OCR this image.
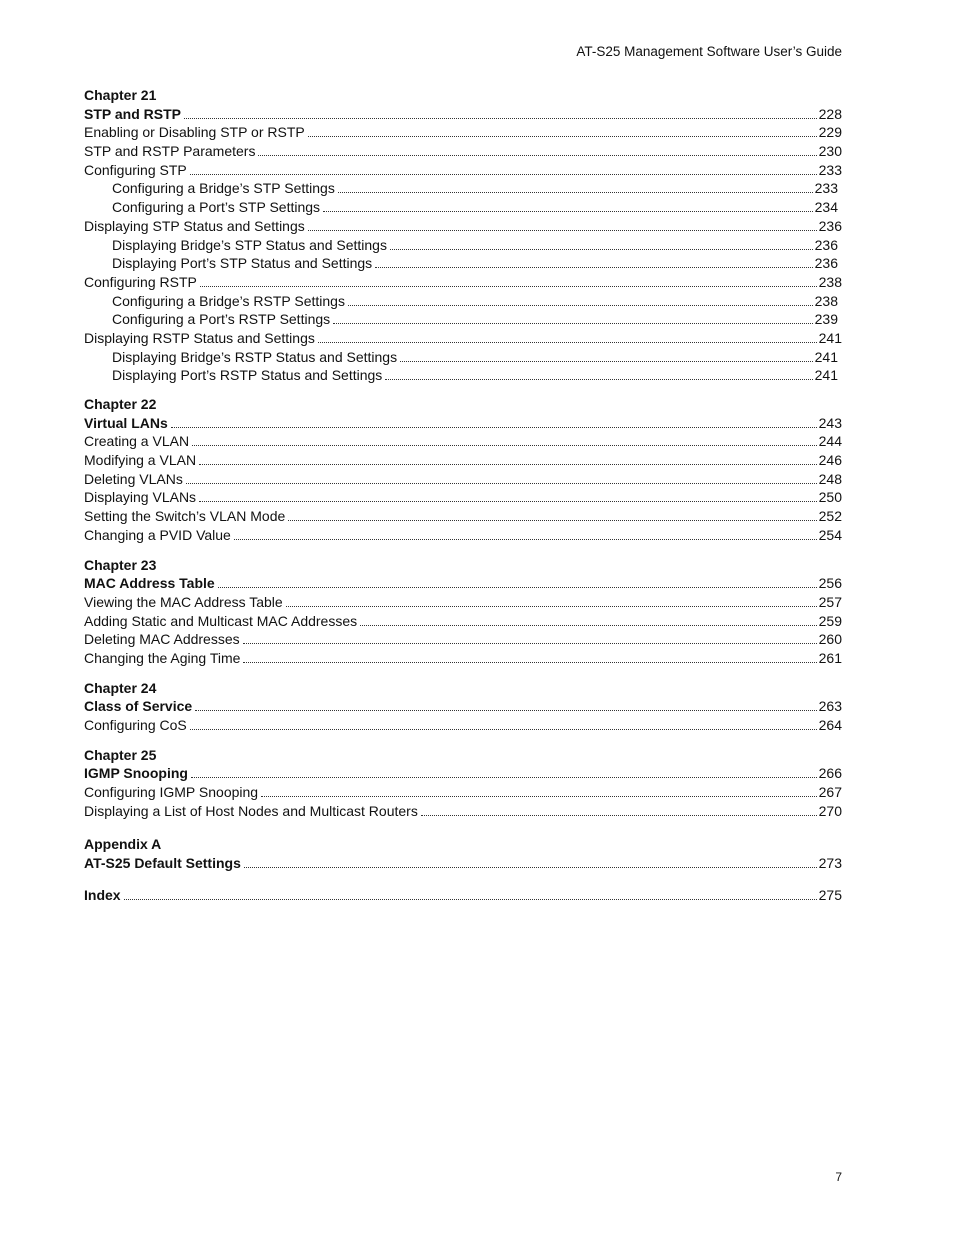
AT-S25 Management Software User’s Guide
Chapter 21
STP and RSTP	228
Enabling or Disabling STP or RSTP	229
STP and RSTP Parameters	230
Configuring STP	233
Configuring a Bridge’s STP Settings	233
Configuring a Port’s STP Settings	234
Displaying STP Status and Settings	236
Displaying Bridge’s STP Status and Settings	236
Displaying Port’s STP Status and Settings	236
Configuring RSTP	238
Configuring a Bridge’s RSTP Settings	238
Configuring a Port’s RSTP Settings	239
Displaying RSTP Status and Settings	241
Displaying Bridge’s RSTP Status and Settings	241
Displaying Port’s RSTP Status and Settings	241
Chapter 22
Virtual LANs	243
Creating a VLAN	244
Modifying a VLAN	246
Deleting VLANs	248
Displaying VLANs	250
Setting the Switch’s VLAN Mode	252
Changing a PVID Value	254
Chapter 23
MAC Address Table	256
Viewing the MAC Address Table	257
Adding Static and Multicast MAC Addresses	259
Deleting MAC Addresses	260
Changing the Aging Time	261
Chapter 24
Class of Service	263
Configuring CoS	264
Chapter 25
IGMP Snooping	266
Configuring IGMP Snooping	267
Displaying a List of Host Nodes and Multicast Routers	270
Appendix A
AT-S25 Default Settings	273
Index	275
7
